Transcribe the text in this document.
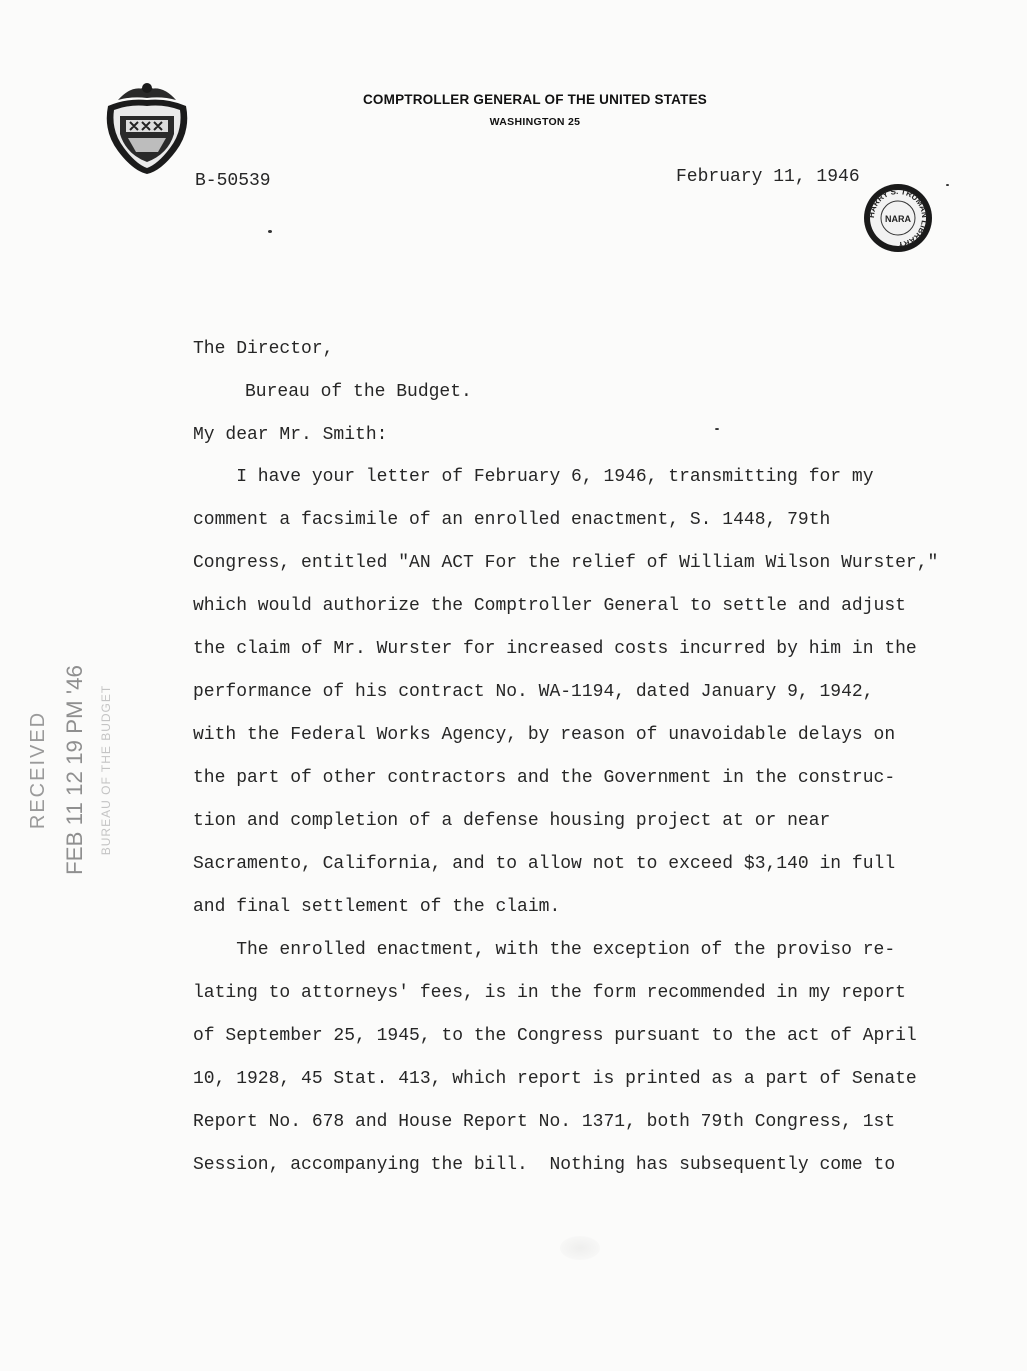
COMPTROLLER GENERAL OF THE UNITED STATES
WASHINGTON 25
B-50539	February 11, 1946
HARRY S. TRUMAN LIBRARY
NARA
RECEIVED FEB 11 12 19 PM '46 BUREAU OF THE BUDGET
The Director,
Bureau of the Budget.
My dear Mr. Smith:
I have your letter of February 6, 1946, transmitting for my
comment a facsimile of an enrolled enactment, S. 1448, 79th
Congress, entitled "AN ACT For the relief of William Wilson Wurster,"
which would authorize the Comptroller General to settle and adjust
the claim of Mr. Wurster for increased costs incurred by him in the
performance of his contract No. WA-1194, dated January 9, 1942,
with the Federal Works Agency, by reason of unavoidable delays on
the part of other contractors and the Government in the construc-
tion and completion of a defense housing project at or near
Sacramento, California, and to allow not to exceed $3,140 in full
and final settlement of the claim.
The enrolled enactment, with the exception of the proviso re-
lating to attorneys' fees, is in the form recommended in my report
of September 25, 1945, to the Congress pursuant to the act of April
10, 1928, 45 Stat. 413, which report is printed as a part of Senate
Report No. 678 and House Report No. 1371, both 79th Congress, 1st
Session, accompanying the bill.  Nothing has subsequently come to
